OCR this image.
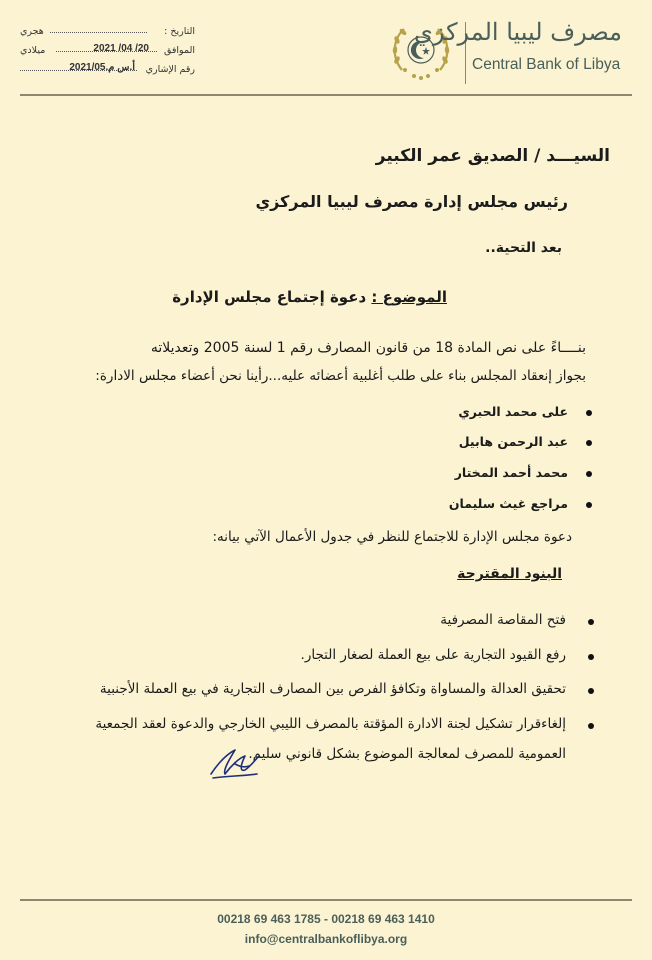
مصرف ليبيا المركزي
Central Bank of Libya
التاريخ :
هجري
الموافق
2021 /04 /20
ميلادي
رقم الإشاري
أ.س م.2021/05
السيـــد / الصديق عمر الكبير
رئيس مجلس إدارة مصرف ليبيا المركزي
بعد التحية..
الموضوع : دعوة إجتماع مجلس الإدارة
بنــــاءً على نص المادة 18 من قانون المصارف رقم 1 لسنة 2005 وتعديلاته
بجواز إنعقاد المجلس بناء على طلب أغلبية أعضائه عليه...رأينا نحن أعضاء مجلس الادارة:
على محمد الحبري
عبد الرحمن هابيل
محمد أحمد المختار
مراجع غيث سليمان
دعوة مجلس الإدارة للاجتماع للنظر في جدول الأعمال الآتي بيانه:
البنود المقترحة
فتح المقاصة المصرفية
رفع القيود التجارية على بيع العملة لصغار التجار.
تحقيق العدالة والمساواة وتكافؤ الفرص بين المصارف التجارية في بيع العملة الأجنبية
إلغاءقرار تشكيل لجنة الادارة المؤقتة بالمصرف الليبي الخارجي والدعوة لعقد الجمعية
العمومية للمصرف لمعالجة الموضوع بشكل قانوني سليم.
00218 69 463 1785 - 00218 69 463 1410
info@centralbankoflibya.org
